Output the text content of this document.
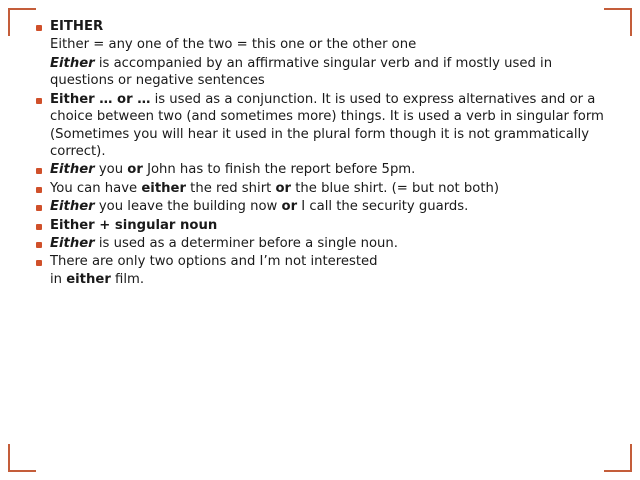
EITHER
Either = any one of the two = this one or the other one
Either is accompanied by an affirmative singular verb and if mostly used in questions or negative sentences
Either … or … is used as a conjunction. It is used to express alternatives and or a choice between two (and sometimes more) things. It is used a verb in singular form (Sometimes you will hear it used in the plural form though it is not grammatically correct).
Either you or John has to finish the report before 5pm.
You can have either the red shirt or the blue shirt. (= but not both)
Either you leave the building now or I call the security guards.
Either + singular noun
Either is used as a determiner before a single noun.
There are only two options and I’m not interested
in either film.
